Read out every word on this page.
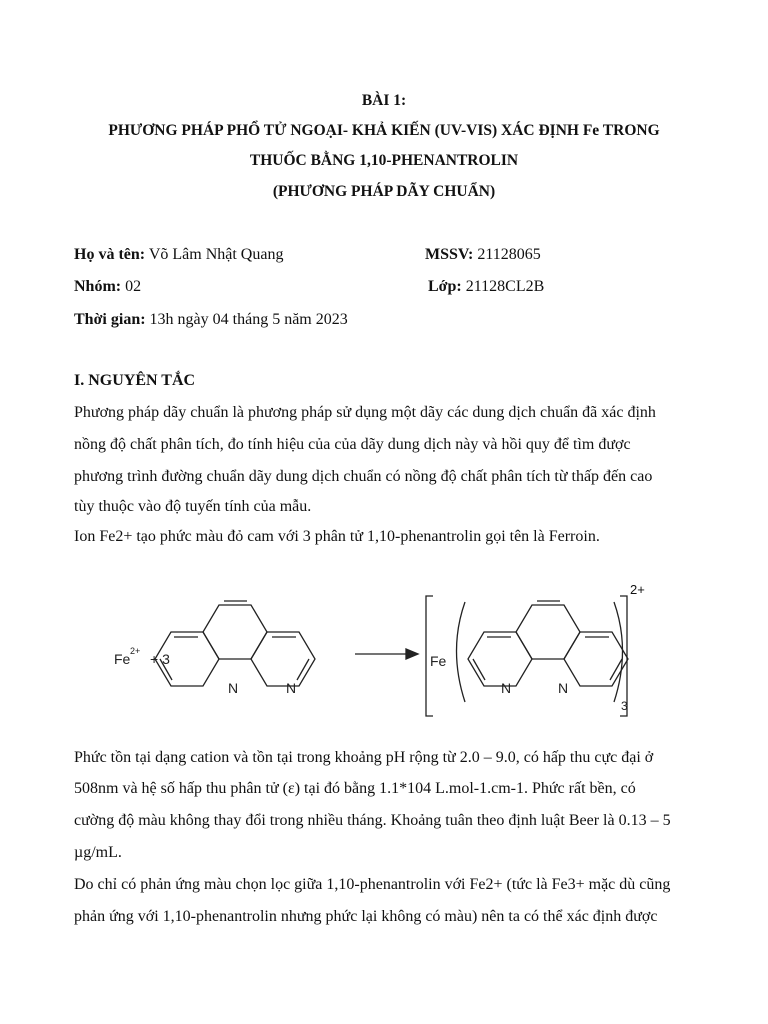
BÀI 1:
PHƯƠNG PHÁP PHỔ TỬ NGOẠI- KHẢ KIẾN (UV-VIS) XÁC ĐỊNH Fe TRONG
THUỐC BẰNG 1,10-PHENANTROLIN
(PHƯƠNG PHÁP DÃY CHUẨN)
Họ và tên: Võ Lâm Nhật Quang	MSSV: 21128065
Nhóm: 02	Lớp: 21128CL2B
Thời gian: 13h ngày 04 tháng 5 năm 2023
I. NGUYÊN TẮC
Phương pháp dãy chuẩn là phương pháp sử dụng một dãy các dung dịch chuẩn đã xác định
nồng độ chất phân tích, đo tính hiệu của của dãy dung dịch này và hồi quy để tìm được
phương trình đường chuẩn dãy dung dịch chuẩn có nồng độ chất phân tích từ thấp đến cao
tùy thuộc vào độ tuyến tính của mẫu.
Ion Fe2+ tạo phức màu đỏ cam với 3 phân tử 1,10-phenantrolin gọi tên là Ferroin.
Fe 2+ + 3
N	N
Fe
N	N
3
2+
Phức tồn tại dạng cation và tồn tại trong khoảng pH rộng từ 2.0 – 9.0, có hấp thu cực đại ở
508nm và hệ số hấp thu phân tử (ε) tại đó bằng 1.1*104 L.mol-1.cm-1. Phức rất bền, có
cường độ màu không thay đổi trong nhiều tháng. Khoảng tuân theo định luật Beer là 0.13 – 5
µg/mL.
Do chỉ có phản ứng màu chọn lọc giữa 1,10-phenantrolin với Fe2+ (tức là Fe3+ mặc dù cũng
phản ứng với 1,10-phenantrolin nhưng phức lại không có màu) nên ta có thể xác định được
